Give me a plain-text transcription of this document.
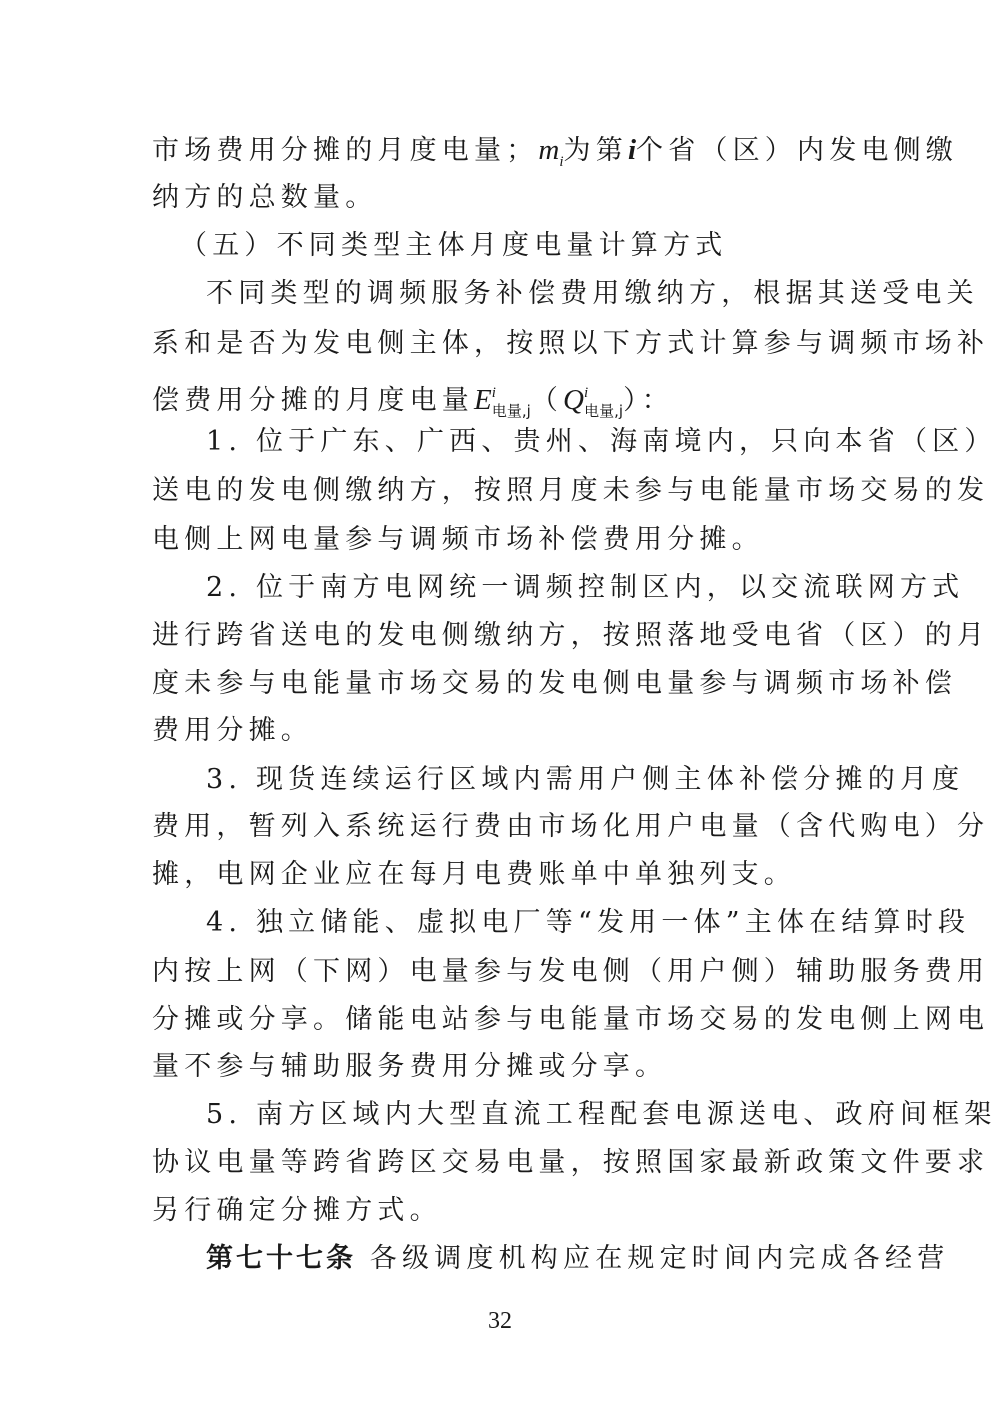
市场费用分摊的月度电量；$m_i$为第i个省（区）内发电侧缴
纳方的总数量。
（五）不同类型主体月度电量计算方式
不同类型的调频服务补偿费用缴纳方，根据其送受电关
系和是否为发电侧主体，按照以下方式计算参与调频市场补
偿费用分摊的月度电量$E^i_{电量,j}(Q^i_{电量,j})$：
1. 位于广东、广西、贵州、海南境内，只向本省（区）
送电的发电侧缴纳方，按照月度未参与电能量市场交易的发
电侧上网电量参与调频市场补偿费用分摊。
2. 位于南方电网统一调频控制区内，以交流联网方式
进行跨省送电的发电侧缴纳方，按照落地受电省（区）的月
度未参与电能量市场交易的发电侧电量参与调频市场补偿
费用分摊。
3. 现货连续运行区域内需用户侧主体补偿分摊的月度
费用，暂列入系统运行费由市场化用户电量（含代购电）分
摊，电网企业应在每月电费账单中单独列支。
4. 独立储能、虚拟电厂等“发用一体”主体在结算时段
内按上网（下网）电量参与发电侧（用户侧）辅助服务费用
分摊或分享。储能电站参与电能量市场交易的发电侧上网电
量不参与辅助服务费用分摊或分享。
5. 南方区域内大型直流工程配套电源送电、政府间框架
协议电量等跨省跨区交易电量，按照国家最新政策文件要求
另行确定分摊方式。
第七十七条 各级调度机构应在规定时间内完成各经营
32
